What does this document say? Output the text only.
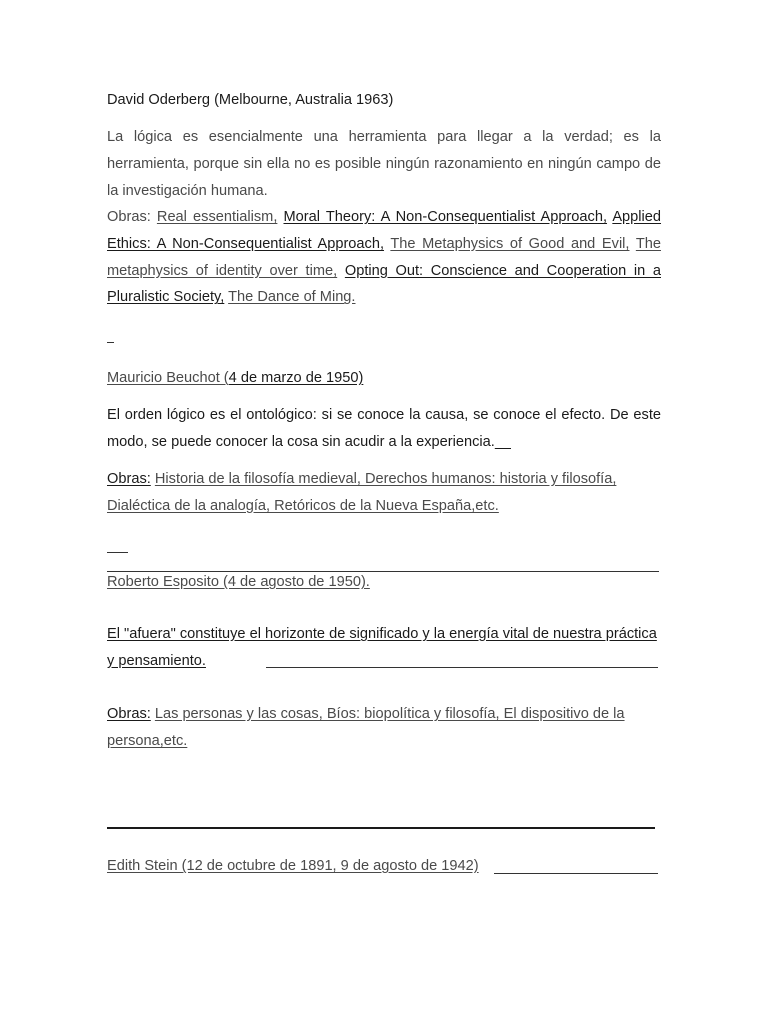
David Oderberg (Melbourne, Australia 1963)
La lógica es esencialmente una herramienta para llegar a la verdad; es la herramienta, porque sin ella no es posible ningún razonamiento en ningún campo de la investigación humana.
Obras: Real essentialism, Moral Theory: A Non-Consequentialist Approach, Applied Ethics: A Non-Consequentialist Approach, The Metaphysics of Good and Evil, The metaphysics of identity over time, Opting Out: Conscience and Cooperation in a Pluralistic Society, The Dance of Ming.
Mauricio Beuchot (4 de marzo de 1950)
El orden lógico es el ontológico: si se conoce la causa, se conoce el efecto. De este modo, se puede conocer la cosa sin acudir a la experiencia.
Obras: Historia de la filosofía medieval, Derechos humanos: historia y filosofía, Dialéctica de la analogía, Retóricos de la Nueva España,etc.
Roberto Esposito (4 de agosto de 1950).
El "afuera" constituye el horizonte de significado y la energía vital de nuestra práctica y pensamiento.
Obras: Las personas y las cosas, Bíos: biopolítica y filosofía, El dispositivo de la persona,etc.
Edith Stein (12 de octubre de 1891, 9 de agosto de 1942)
